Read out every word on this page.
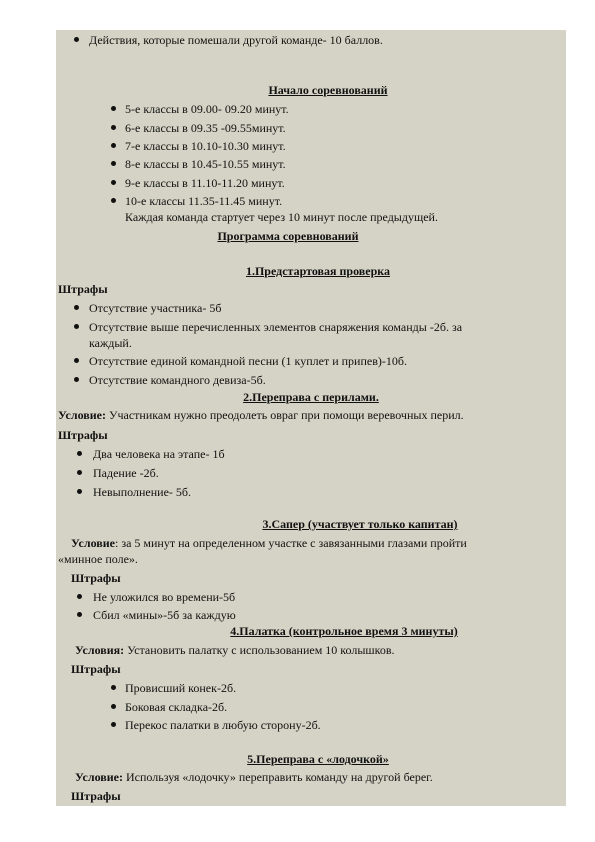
Действия, которые помешали другой команде- 10 баллов.

Начало соревнований

5-е классы в 09.00- 09.20 минут.

6-е классы в 09.35 -09.55минут.

7-е классы в 10.10-10.30 минут.

8-е классы в 10.45-10.55 минут.

9-е классы в 11.10-11.20 минут.

10-е классы 11.35-11.45 минут.

Каждая команда стартует через 10 минут после предыдущей.

Программа соревнований

1.Предстартовая проверка

Штрафы

Отсутствие участника- 5б

Отсутствие выше перечисленных элементов снаряжения команды -2б. за

каждый.

Отсутствие единой командной песни (1 куплет и припев)-10б.

Отсутствие командного девиза-5б.

2.Переправа с перилами.

Условие: Участникам нужно преодолеть овраг при помощи веревочных перил.

Штрафы

Два человека на этапе- 1б

Падение -2б.

Невыполнение- 5б.

3.Сапер (участвует только капитан)

Условие: за 5 минут на определенном участке с завязанными глазами пройти

«минное поле».

Штрафы

Не уложился во времени-5б

Сбил «мины»-5б за каждую

4.Палатка (контрольное время 3 минуты)

Условия: Установить палатку с использованием 10 колышков.

Штрафы

Провисший конек-2б.

Боковая складка-2б.

Перекос палатки в любую сторону-2б.

5.Переправа с «лодочкой»

Условие: Используя «лодочку» переправить команду на другой берег.

Штрафы
